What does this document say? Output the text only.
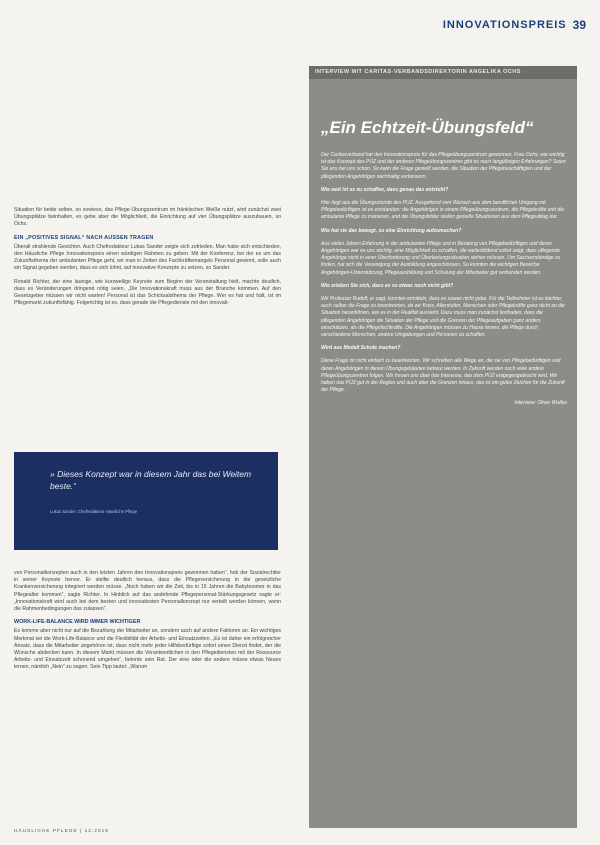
INNOVATIONSPREIS 39

Situation für beide selten, so sowieso, das Pflege-Übungszentrum im fränkischen Weiße nutzt, wird zunächst zwei Übungsplätze beinhalten, es gebe aber die Möglichkeit, die Einrichtung auf vier Übungsplätze auszubauen, so Ochs.

EIN „POSITIVES SIGNAL“ NACH AUSSEN TRAGEN

Überall strahlende Gesichter. Auch Chefredakteur Lukas Sander zeigte sich zufrieden. Man habe sich entschieden, den Häusliche Pflege Innovationspreis einen würdigen Rahmen zu geben. Mit der Konferenz, bei der es um das Zukunftsthema der ambulanten Pflege geht, wir man in Zeiten des Fachkräftemangels Personal gewinnt, solle auch ein Signal gegeben werden, dass es sich lohnt, auf innovative Konzepte zu setzen, so Sander.

Ronald Richter, der eine launige, wie kurzweilige Keynote zum Beginn der Veranstaltung hielt, machte deutlich, dass es Veränderungen dringend nötig seien. „Die Innovationskraft muss aus der Branche kommen. Auf den Gesetzgeber müssen wir nicht warten! Personal ist das Schicksalsthema der Pflege. Wer es hat und hält, ist im Pflegemarkt zukunftsfähig. Folgerichtig ist es, dass gerade die Pflegedienste mit den innovati-

» Dieses Konzept war in diesem Jahr das bei Weitem beste.“
Lukas Sander, Chefredakteur Häusliche Pflege

ven Personalkonzepten auch in den letzten Jahren den Innovationspreis gewonnen haben“, hob der Sozialrechtler in seiner Keynote hervor. Er stellte deutlich heraus, dass die Pflegeversicherung in die gesetzliche Krankenversicherung integriert werden müsse. „Noch haben wir die Zeit, bis in 15 Jahren die Babyboomer in das Pflegealter kommen“, sagte Richter. In Hinblick auf das andefende Pflegepersonal-Stärkungsgesetz sagte er: „Innovationskraft wird auch bei dem besten und innovativsten Personalkonzept nur verteilt werden können, wenn die Rahmenbedingungen das zulassen“.

WORK-LIFE-BALANCE WIRD IMMER WICHTIGER

Es komme aber nicht nur auf die Bezahlung der Mitarbeiter an, sondern auch auf andere Faktoren an. Ein wichtiges Merkmal sei die Work-Life-Balance und die Flexibilität der Arbeits- und Einsatzzeiten. „Es ist daher ein erfolgreicher Ansatz, dass die Mitarbeiter angehören ist, dass nicht mehr jeder Hilfsbedürftige sofort einen Dienst findet, der die Wünsche abdecken kann. In diesem Markt müssen die Verantwortlichen in den Pflegediensten mit der Ressource Arbeits- und Einsatzzeit schonend umgehen“, betonte sein Rat. Der eine oder die andere müsse etwas Neues lernen, nämlich „Nein“ zu sagen. Sein Tipp lautet: „Warum

HÄUSLICHE PFLEGE | 12.2018
INTERVIEW MIT CARITAS-VERBANDSDIREKTORIN ANGELIKA OCHS
„Ein Echtzeit-Übungsfeld“

Der Caritasverband hat den Innovationspreis für das Pflegeübungszentrum gewonnen. Frau Ochs, wie wichtig ist das Konzept des PÜZ und der anderen Pflegeübungszentren gibt es nach langjährigen Erfahrungen? Seien Sie uns bei uns schon. So kann die Frage gestellt werden, die Situation der Pflegebeschäftigten und der pflegenden Angehörigen nachhaltig verbessern.

Wie weit ist es zu schaffen, dass genau das entsteht?

Hier liegt aus die Übungsstunde des PÜZ. Ausgehend vom Wunsch aus dem beruflichen Umgang mit Pflegebedürftigen ist es entstanden: die Angehörigen in einem Pflegeübungszentrum, die Pflegekräfte und die ambulante Pflege zu trainieren, und die Übungsfelder stellen gezielte Situationen aus dem Pflegealltag dar.

Wie hat sie das bewegt, so eine Einrichtung aufzumachen?

Aus vielen Jahren Erfahrung in der ambulanten Pflege und in Beratung von Pflegebedürftigen und deren Angehörigen war es uns wichtig, eine Möglichkeit zu schaffen, die weiterbildend sofort zeigt, dass pflegende Angehörige nicht in einer Überforderung und Überlastungssituation stehen müssen. Um Sachverständige zu finden, hat sich die Vereinigung der Ausbildung angeschlossen. So konnten die wichtigen Bereiche Angehörigen-Unterstützung, Pflegeausbildung und Schulung der Mitarbeiter gut verbunden werden.

Wie erleben Sie sich, dass es so etwas noch nicht gibt?

Wir Professor Rudolf, er sagt, konnten ermitteln, dass es sowas nicht gebe. Für die Teilnehmer ist es leichter, auch selber die Frage zu beantworten, da wir Kreis, Alterstufen, Menschen oder Pflegekräfte ganz dicht an die Situation heranführen, wie es in der Realität aussieht. Dazu muss man zunächst festhalten, dass die pflegenden Angehörigen die Situation der Pflege und die Grenzen der Pflegeaufgaben ganz anders einschätzen, als die Pflegefachkräfte. Die Angehörigen müssen zu Hause lernen, die Pflege durch verschiedene Menschen, andere Umgebungen und Personen zu schaffen.

Wird aus Modell Schule machen?

Diese Frage ist nicht einfach zu beantworten. Wir schreiben alle Wege an, die sie von Pflegebedürftigen und deren Angehörigen in diesen Übungsgebäuden betreut werden. In Zukunft werden noch viele andere Pflegeübungszentren folgen. Wir freuen uns über das Interesse, das dem PÜZ entgegengebracht wird. Wir haben das PÜZ gut in der Region und auch über die Grenzen hinaus, das ist ein gutes Zeichen für die Zukunft der Pflege.

Interview: Oliver Wulfes
